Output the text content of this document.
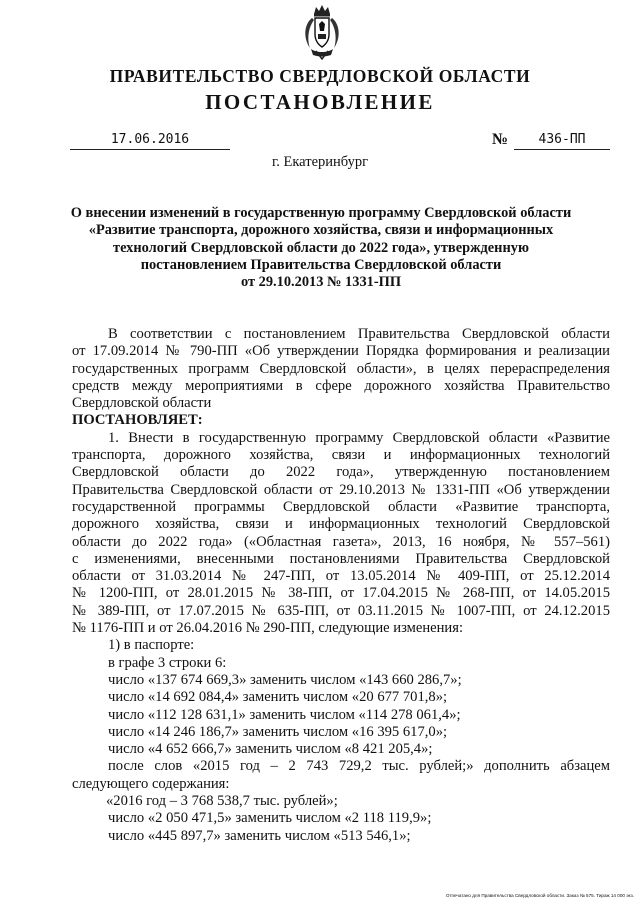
ПРАВИТЕЛЬСТВО СВЕРДЛОВСКОЙ ОБЛАСТИ
ПОСТАНОВЛЕНИЕ
17.06.2016	№	436-ПП
г. Екатеринбург
О внесении изменений в государственную программу Свердловской области
«Развитие транспорта, дорожного хозяйства, связи и информационных
технологий Свердловской области до 2022 года», утвержденную
постановлением Правительства Свердловской области
от 29.10.2013 № 1331-ПП

В соответствии с постановлением Правительства Свердловской области

от 17.09.2014 № 790-ПП «Об утверждении Порядка формирования и реализации

государственных программ Свердловской области», в целях перераспределения

средств между мероприятиями в сфере дорожного хозяйства Правительство

Свердловской области

ПОСТАНОВЛЯЕТ:

1. Внести в государственную программу Свердловской области «Развитие

транспорта, дорожного хозяйства, связи и информационных технологий

Свердловской области до 2022 года», утвержденную постановлением

Правительства Свердловской области от 29.10.2013 № 1331-ПП «Об утверждении

государственной программы Свердловской области «Развитие транспорта,

дорожного хозяйства, связи и информационных технологий Свердловской

области до 2022 года» («Областная газета», 2013, 16 ноября, № 557–561)

с изменениями, внесенными постановлениями Правительства Свердловской

области от 31.03.2014 № 247-ПП, от 13.05.2014 № 409-ПП, от 25.12.2014

№ 1200-ПП, от 28.01.2015 № 38-ПП, от 17.04.2015 № 268-ПП, от 14.05.2015

№ 389-ПП, от 17.07.2015 № 635-ПП, от 03.11.2015 № 1007-ПП, от 24.12.2015

№ 1176-ПП и от 26.04.2016 № 290-ПП, следующие изменения:

1) в паспорте:

в графе 3 строки 6:

число «137 674 669,3» заменить числом «143 660 286,7»;

число «14 692 084,4» заменить числом «20 677 701,8»;

число «112 128 631,1» заменить числом «114 278 061,4»;

число «14 246 186,7» заменить числом «16 395 617,0»;

число «4 652 666,7» заменить числом «8 421 205,4»;

после слов «2015 год – 2 743 729,2 тыс. рублей;» дополнить абзацем

следующего содержания:

«2016 год – 3 768 538,7 тыс. рублей»;

число «2 050 471,5» заменить числом «2 118 119,9»;

число «445 897,7» заменить числом «513 546,1»;

Отпечатано для Правительства Свердловской области. Заказ № 575. Тираж 14 000 экз.
